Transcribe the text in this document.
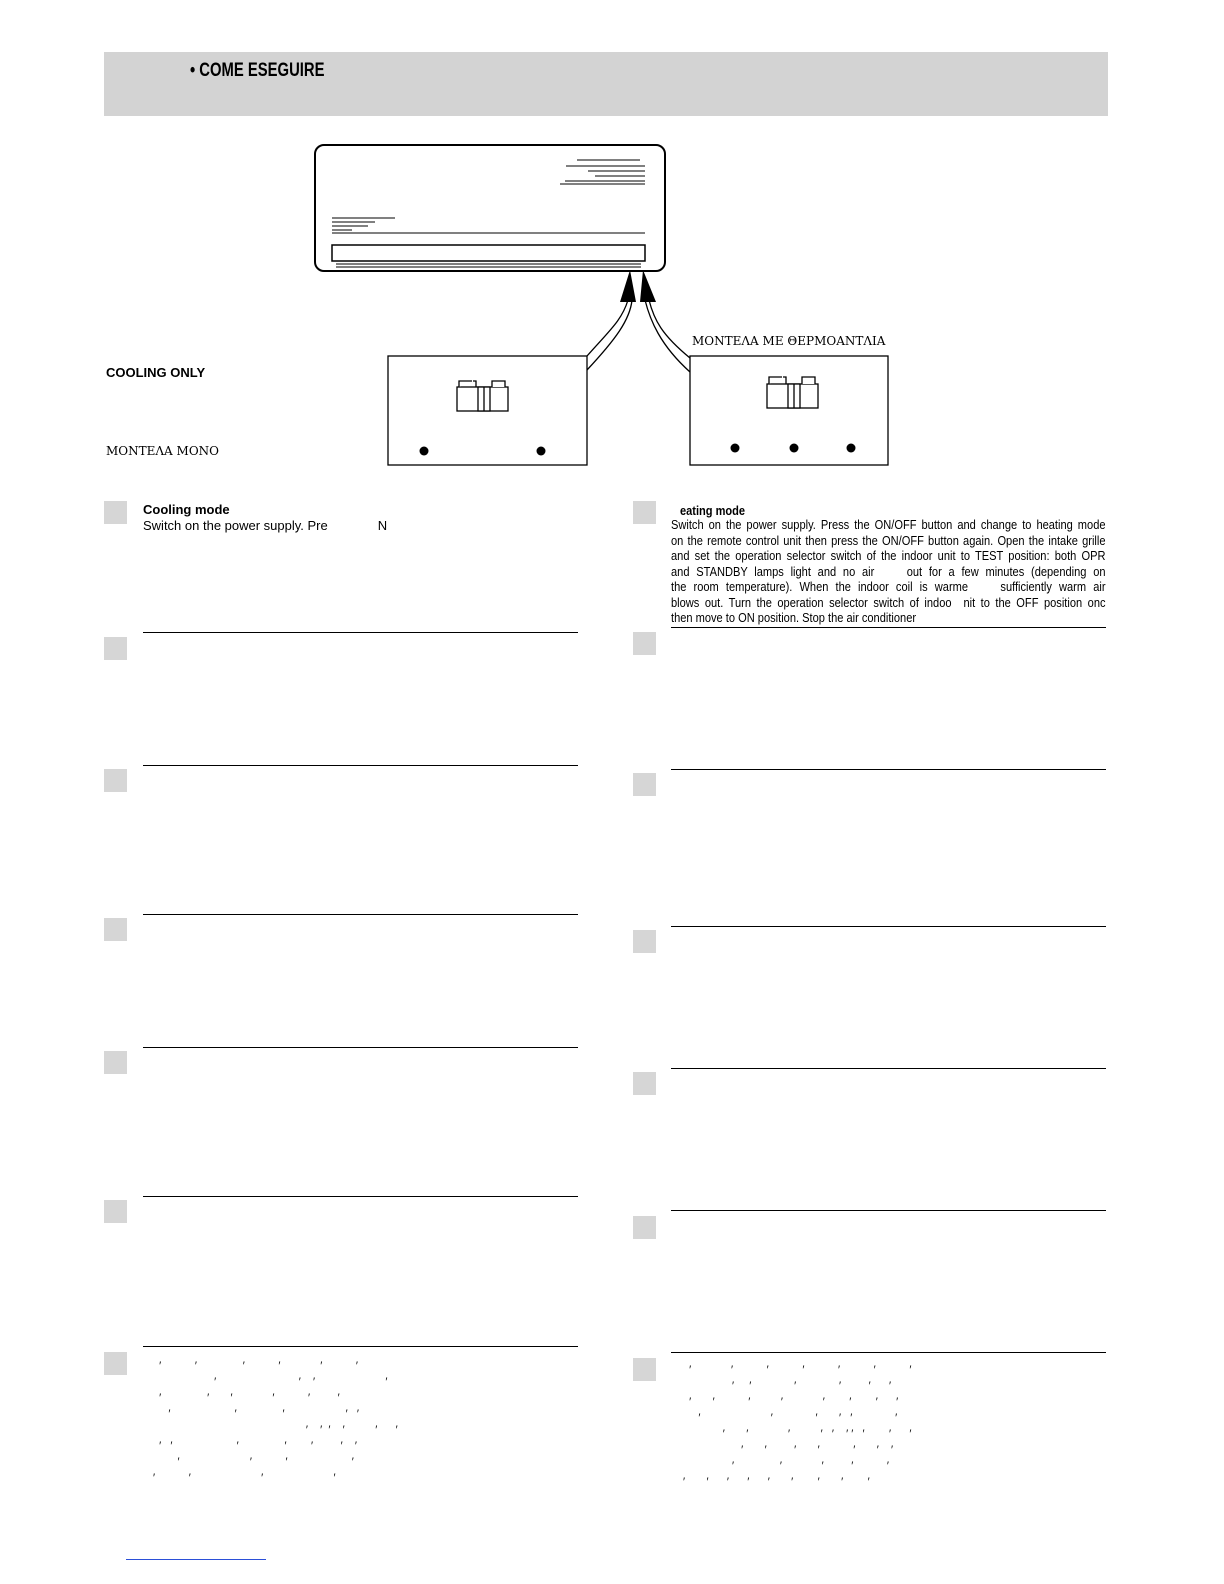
• COME ESEGUIRE
COOLING ONLY
ΜΟΝΤΕΛΑ ΜΟΝΟ
ΜΟΝΤΕΛΑ ΜΕ ΘΕΡΜΟΑΝΤΛΙΑ
Cooling mode
Switch on the power supply. Pre	N
eating mode
Switch on the power supply. Press the ON/OFF button and change to heating mode
on the remote control unit then press the ON/OFF button again. Open the intake grille
and set the operation selector switch of the indoor unit to TEST position: both OPR
and STANDBY lamps light and no air out for a few minutes (depending on
the room temperature). When the indoor coil is warme sufficiently warm air
blows out. Turn the operation selector switch of indoo nit to the OFF position onc
then move to ON position. Stop the air conditioner
′           ′               ′           ′             ′           ′
′                           ′    ′                       ′
′               ′       ′             ′           ′         ′
′                     ′               ′                    ′   ′
′    ′  ′    ′          ′      ′
′   ′                     ′               ′        ′         ′    ′
′                       ′           ′                     ′
′           ′                       ′                       ′

′             ′           ′           ′           ′           ′           ′
′     ′              ′              ′         ′      ′
′       ′           ′          ′             ′        ′        ′      ′
′                       ′              ′       ′   ′              ′
′       ′             ′          ′   ′    ′ ′   ′        ′      ′
′       ′         ′       ′           ′       ′    ′
′               ′             ′         ′           ′
′       ′      ′      ′      ′       ′        ′       ′        ′
